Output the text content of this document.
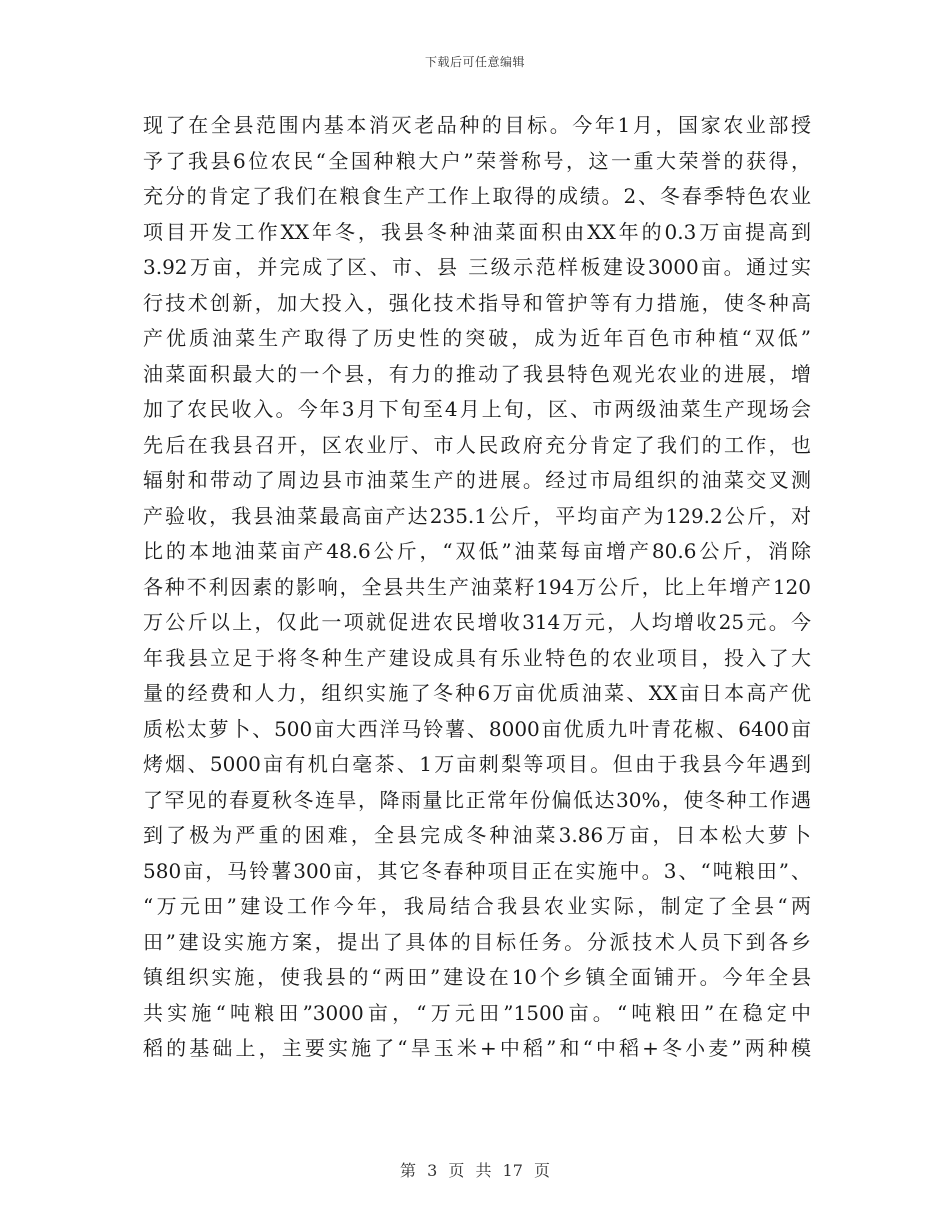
下载后可任意编辑
现了在全县范围内基本消灭老品种的目标。今年1月，国家农业部授
予了我县6位农民“全国种粮大户”荣誉称号，这一重大荣誉的获得，
充分的肯定了我们在粮食生产工作上取得的成绩。2、冬春季特色农业
项目开发工作XX年冬，我县冬种油菜面积由XX年的0.3万亩提高到
3.92万亩，并完成了区、市、县 三级示范样板建设3000亩。通过实
行技术创新，加大投入，强化技术指导和管护等有力措施，使冬种高
产优质油菜生产取得了历史性的突破，成为近年百色市种植“双低”
油菜面积最大的一个县，有力的推动了我县特色观光农业的进展，增
加了农民收入。今年3月下旬至4月上旬，区、市两级油菜生产现场会
先后在我县召开，区农业厅、市人民政府充分肯定了我们的工作，也
辐射和带动了周边县市油菜生产的进展。经过市局组织的油菜交叉测
产验收，我县油菜最高亩产达235.1公斤，平均亩产为129.2公斤，对
比的本地油菜亩产48.6公斤，“双低”油菜每亩增产80.6公斤，消除
各种不利因素的影响，全县共生产油菜籽194万公斤，比上年增产120
万公斤以上，仅此一项就促进农民增收314万元，人均增收25元。今
年我县立足于将冬种生产建设成具有乐业特色的农业项目，投入了大
量的经费和人力，组织实施了冬种6万亩优质油菜、XX亩日本高产优
质松太萝卜、500亩大西洋马铃薯、8000亩优质九叶青花椒、6400亩
烤烟、5000亩有机白毫茶、1万亩刺梨等项目。但由于我县今年遇到
了罕见的春夏秋冬连旱，降雨量比正常年份偏低达30%，使冬种工作遇
到了极为严重的困难，全县完成冬种油菜3.86万亩，日本松大萝卜
580亩，马铃薯300亩，其它冬春种项目正在实施中。3、“吨粮田”、
“万元田”建设工作今年，我局结合我县农业实际，制定了全县“两
田”建设实施方案，提出了具体的目标任务。分派技术人员下到各乡
镇组织实施，使我县的“两田”建设在10个乡镇全面铺开。今年全县
共实施“吨粮田”3000亩，“万元田”1500亩。“吨粮田”在稳定中
稻的基础上，主要实施了“旱玉米+中稻”和“中稻+冬小麦”两种模
第 3 页 共 17 页
